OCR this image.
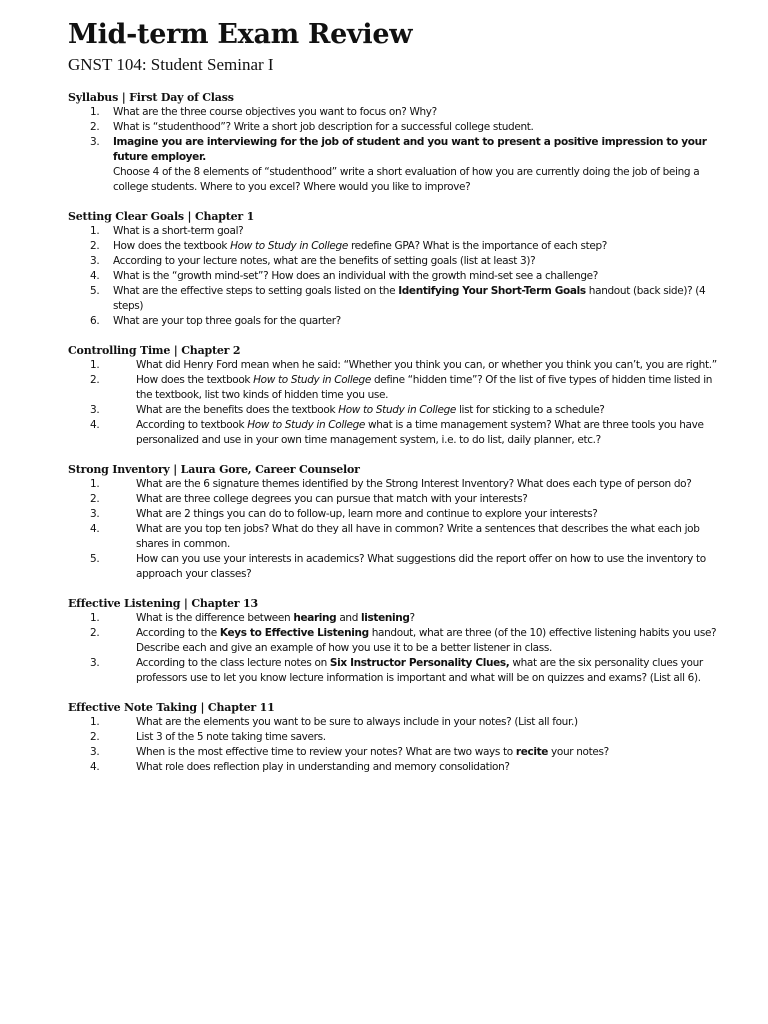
Mid-term Exam Review
GNST 104: Student Seminar I
Syllabus | First Day of Class
1. What are the three course objectives you want to focus on? Why?
2. What is “studenthood”? Write a short job description for a successful college student.
3. Imagine you are interviewing for the job of student and you want to present a positive impression to your future employer.
Choose 4 of the 8 elements of “studenthood” write a short evaluation of how you are currently doing the job of being a college students. Where to you excel? Where would you like to improve?
Setting Clear Goals | Chapter 1
1. What is a short-term goal?
2. How does the textbook How to Study in College redefine GPA? What is the importance of each step?
3. According to your lecture notes, what are the benefits of setting goals (list at least 3)?
4. What is the “growth mind-set”? How does an individual with the growth mind-set see a challenge?
5. What are the effective steps to setting goals listed on the Identifying Your Short-Term Goals handout (back side)? (4 steps)
6. What are your top three goals for the quarter?
Controlling Time | Chapter 2
1.	What did Henry Ford mean when he said: “Whether you think you can, or whether you think you can’t, you are right.”
2.	How does the textbook How to Study in College define “hidden time”? Of the list of five types of hidden time listed in the textbook, list two kinds of hidden time you use.
3.	What are the benefits does the textbook How to Study in College list for sticking to a schedule?
4.	According to textbook How to Study in College what is a time management system? What are three tools you have personalized and use in your own time management system, i.e. to do list, daily planner, etc.?
Strong Inventory | Laura Gore, Career Counselor
1.	What are the 6 signature themes identified by the Strong Interest Inventory? What does each type of person do?
2.	What are three college degrees you can pursue that match with your interests?
3.	What are 2 things you can do to follow-up, learn more and continue to explore your interests?
4.	What are you top ten jobs? What do they all have in common? Write a sentences that describes the what each job shares in common.
5.	How can you use your interests in academics? What suggestions did the report offer on how to use the inventory to approach your classes?
Effective Listening | Chapter 13
1.	What is the difference between hearing and listening?
2.	According to the Keys to Effective Listening handout, what are three (of the 10) effective listening habits you use? Describe each and give an example of how you use it to be a better listener in class.
3.	According to the class lecture notes on Six Instructor Personality Clues, what are the six personality clues your professors use to let you know lecture information is important and what will be on quizzes and exams? (List all 6).
Effective Note Taking | Chapter 11
1.	What are the elements you want to be sure to always include in your notes? (List all four.)
2.	List 3 of the 5 note taking time savers.
3.	When is the most effective time to review your notes? What are two ways to recite your notes?
4.	What role does reflection play in understanding and memory consolidation?
